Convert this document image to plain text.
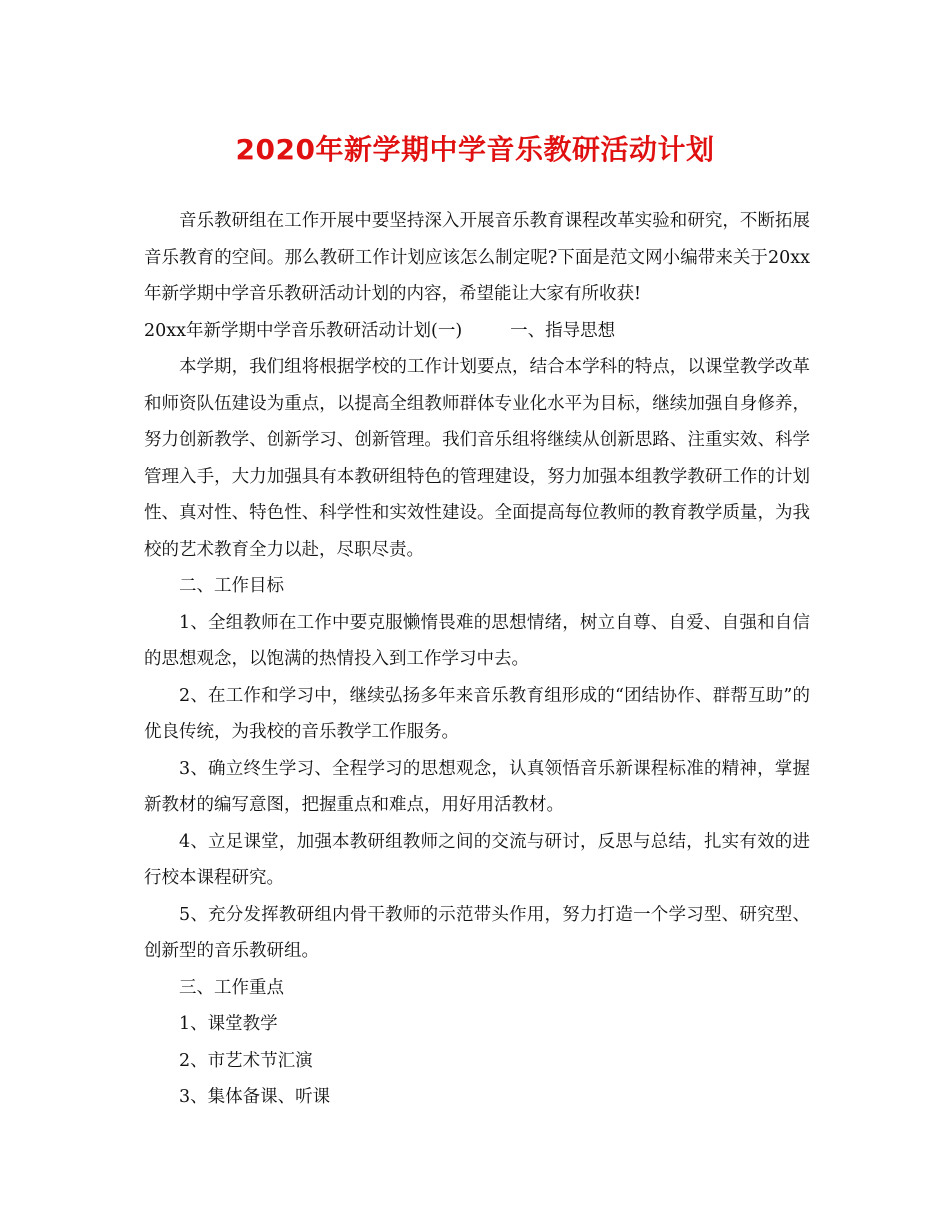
2020年新学期中学音乐教研活动计划

音乐教研组在工作开展中要坚持深入开展音乐教育课程改革实验和研究，不断拓展音乐教育的空间。那么教研工作计划应该怎么制定呢?下面是范文网小编带来关于20xx年新学期中学音乐教研活动计划的内容，希望能让大家有所收获!

20xx年新学期中学音乐教研活动计划(一)	一、指导思想

本学期，我们组将根据学校的工作计划要点，结合本学科的特点，以课堂教学改革和师资队伍建设为重点，以提高全组教师群体专业化水平为目标，继续加强自身修养，努力创新教学、创新学习、创新管理。我们音乐组将继续从创新思路、注重实效、科学管理入手，大力加强具有本教研组特色的管理建设，努力加强本组教学教研工作的计划性、真对性、特色性、科学性和实效性建设。全面提高每位教师的教育教学质量，为我校的艺术教育全力以赴，尽职尽责。

二、工作目标

1、全组教师在工作中要克服懒惰畏难的思想情绪，树立自尊、自爱、自强和自信的思想观念，以饱满的热情投入到工作学习中去。

2、在工作和学习中，继续弘扬多年来音乐教育组形成的“团结协作、群帮互助”的优良传统，为我校的音乐教学工作服务。

3、确立终生学习、全程学习的思想观念，认真领悟音乐新课程标准的精神，掌握新教材的编写意图，把握重点和难点，用好用活教材。

4、立足课堂，加强本教研组教师之间的交流与研讨，反思与总结，扎实有效的进行校本课程研究。

5、充分发挥教研组内骨干教师的示范带头作用，努力打造一个学习型、研究型、创新型的音乐教研组。

三、工作重点

1、课堂教学

2、市艺术节汇演

3、集体备课、听课
